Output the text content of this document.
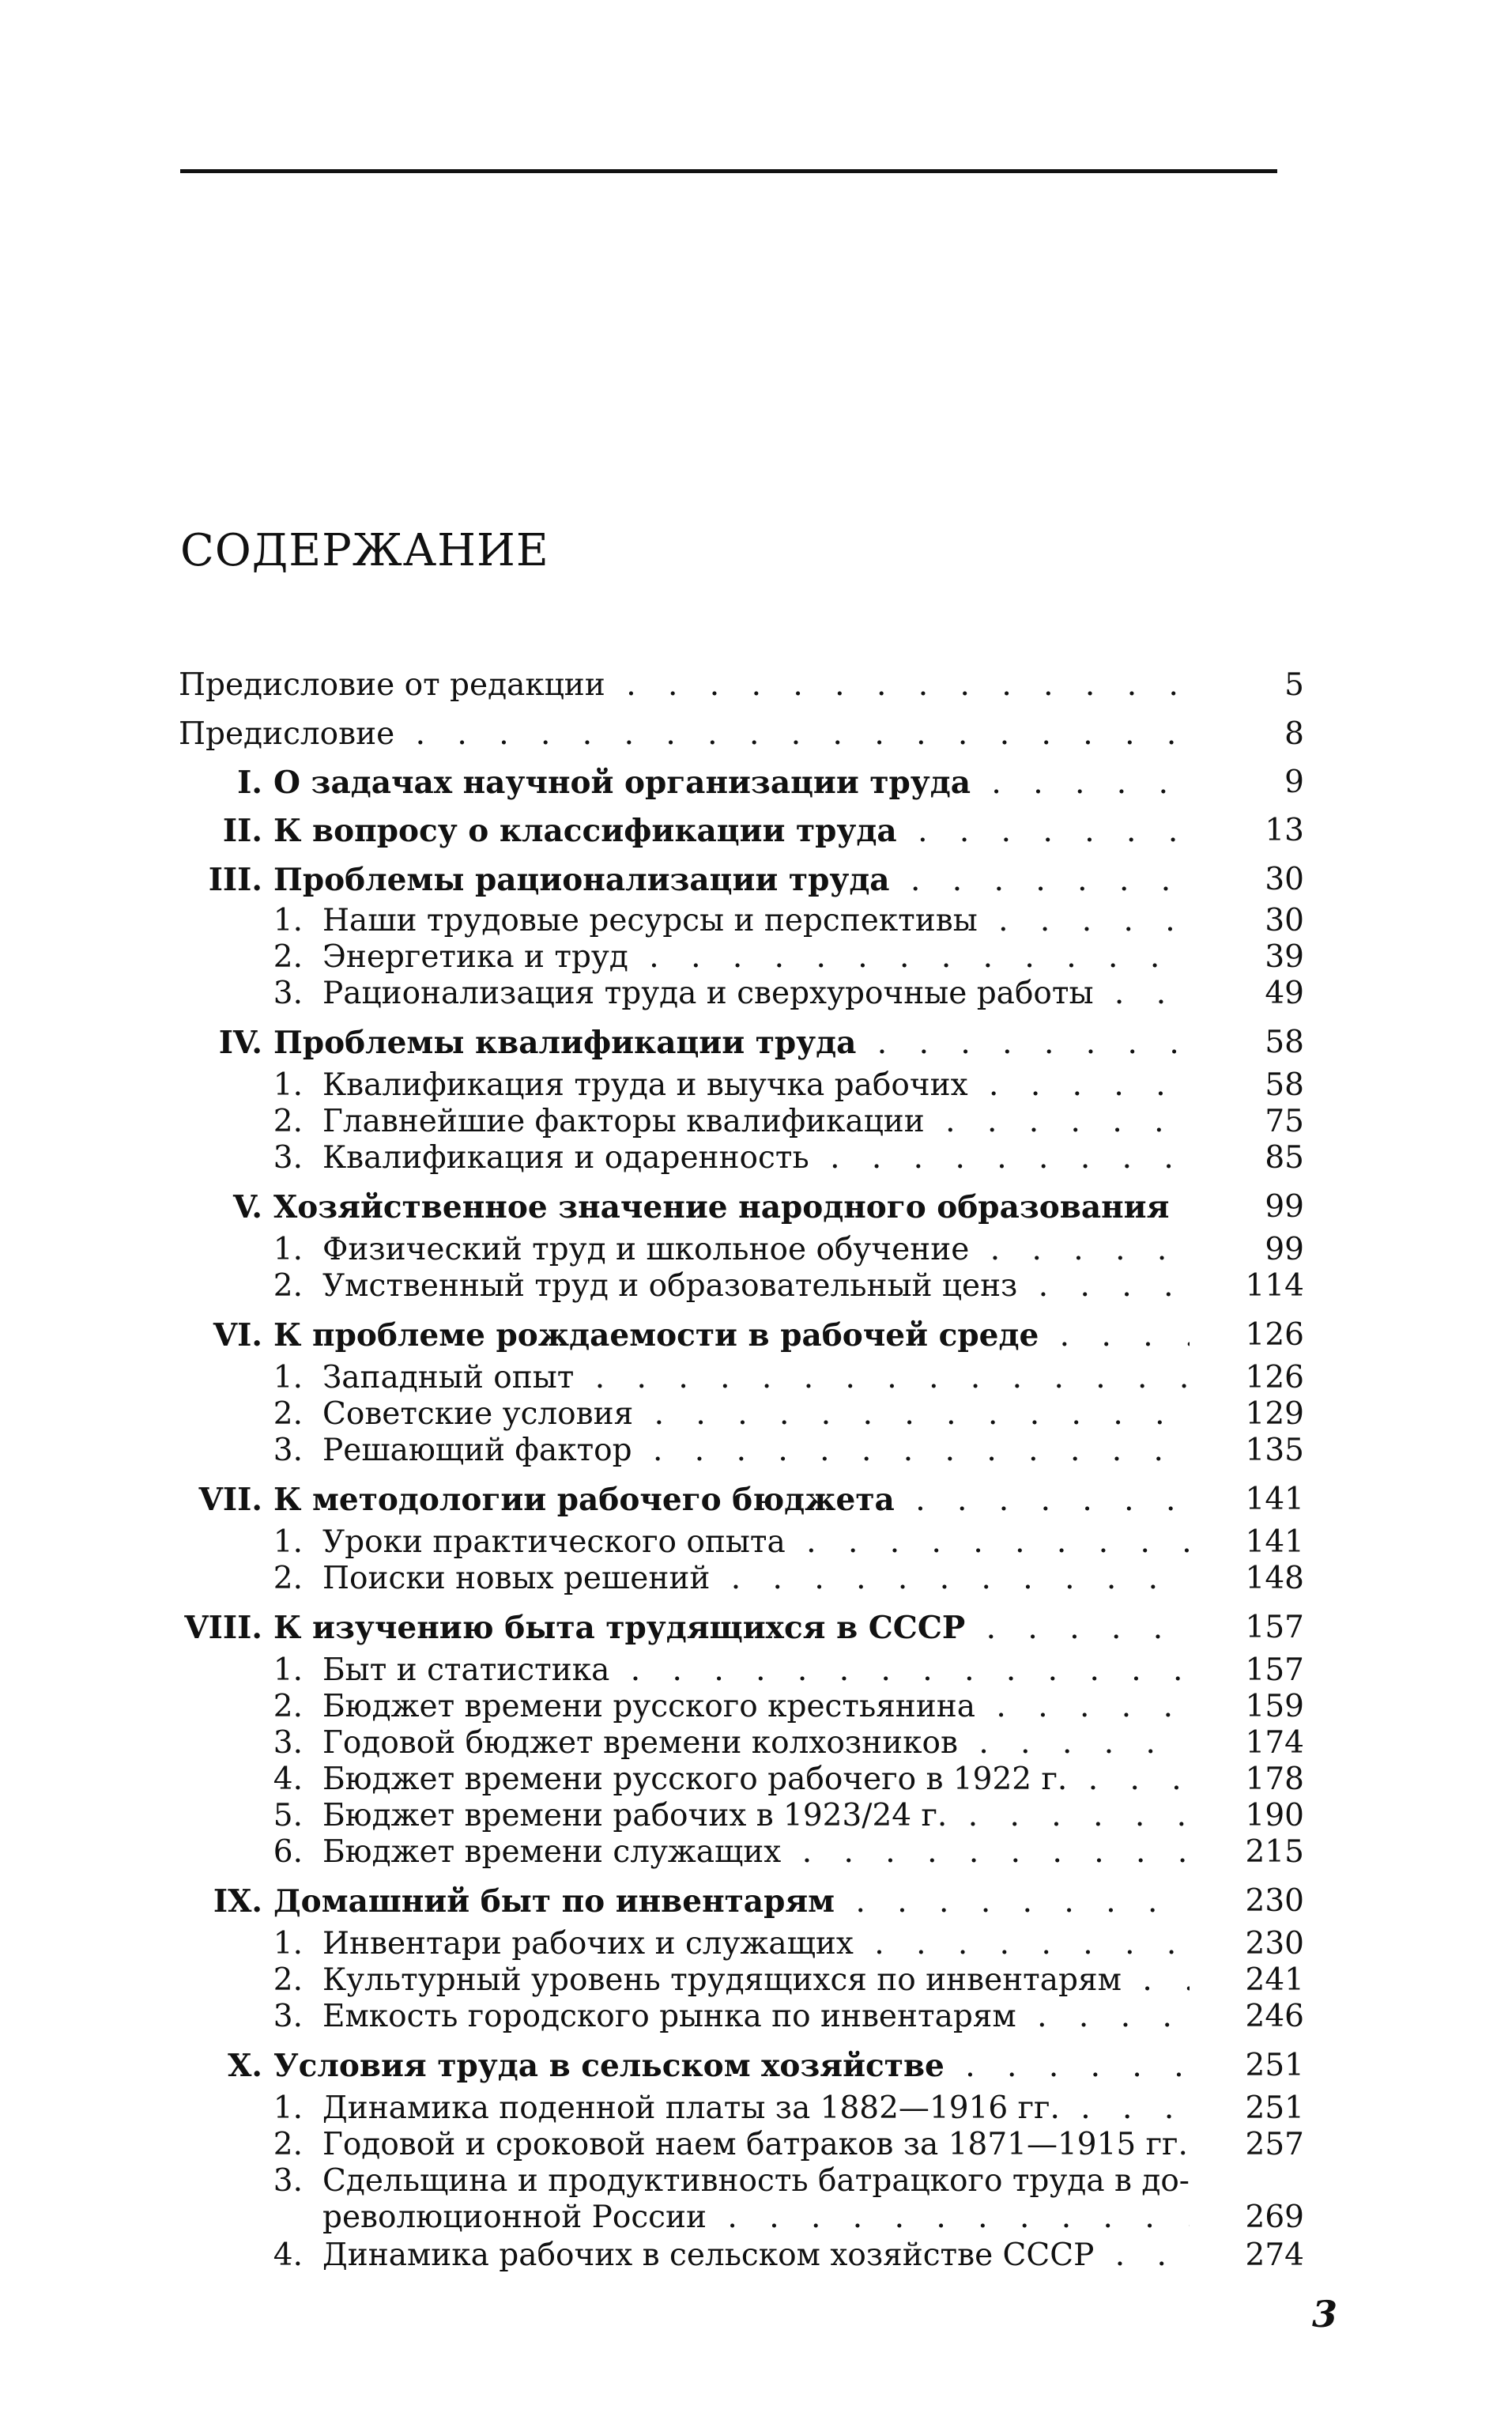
СОДЕРЖАНИЕ
Предисловие от редакции . . .	5
Предисловие . . .	8
I. О задачах научной организации труда . . .	9
II. К вопросу о классификации труда . . .	13
III. Проблемы рационализации труда . . .	30
1. Наши трудовые ресурсы и перспективы . . .	30
2. Энергетика и труд . . .	39
3. Рационализация труда и сверхурочные работы . . .	49
IV. Проблемы квалификации труда . . .	58
1. Квалификация труда и выучка рабочих . . .	58
2. Главнейшие факторы квалификации . . .	75
3. Квалификация и одаренность . . .	85
V. Хозяйственное значение народного образования . . .	99
1. Физический труд и школьное обучение . . .	99
2. Умственный труд и образовательный ценз . . .	114
VI. К проблеме рождаемости в рабочей среде . . .	126
1. Западный опыт . . .	126
2. Советские условия . . .	129
3. Решающий фактор . . .	135
VII. К методологии рабочего бюджета . . .	141
1. Уроки практического опыта . . .	141
2. Поиски новых решений . . .	148
VIII. К изучению быта трудящихся в СССР . . .	157
1. Быт и статистика . . .	157
2. Бюджет времени русского крестьянина . . .	159
3. Годовой бюджет времени колхозников . . .	174
4. Бюджет времени русского рабочего в 1922 г. . . .	178
5. Бюджет времени рабочих в 1923/24 г. . . .	190
6. Бюджет времени служащих . . .	215
IX. Домашний быт по инвентарям . . .	230
1. Инвентари рабочих и служащих . . .	230
2. Культурный уровень трудящихся по инвентарям . . .	241
3. Емкость городского рынка по инвентарям . . .	246
X. Условия труда в сельском хозяйстве . . .	251
1. Динамика поденной платы за 1882—1916 гг. . . .	251
2. Годовой и сроковой наем батраков за 1871—1915 гг. . . .	257
3. Сдельщина и продуктивность батрацкого труда в до-
революционной России . . .	269
4. Динамика рабочих в сельском хозяйстве СССР . . .	274
3
